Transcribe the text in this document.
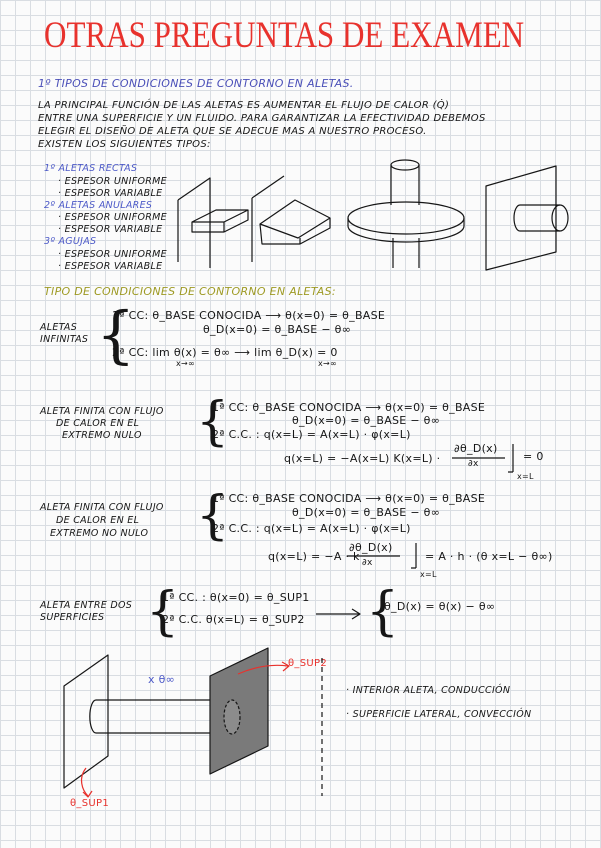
OTRAS PREGUNTAS DE EXAMEN
1º TIPOS DE CONDICIONES DE CONTORNO EN ALETAS.
LA PRINCIPAL FUNCIÓN DE LAS ALETAS ES AUMENTAR EL FLUJO DE CALOR (Q̇)
ENTRE UNA SUPERFICIE Y UN FLUIDO. PARA GARANTIZAR LA EFECTIVIDAD DEBEMOS
ELEGIR EL DISEÑO DE ALETA QUE SE ADECUE MAS A NUESTRO PROCESO.
EXISTEN LOS SIGUIENTES TIPOS:
1º ALETAS RECTAS
· ESPESOR UNIFORME
· ESPESOR VARIABLE
2º ALETAS ANULARES
· ESPESOR UNIFORME
· ESPESOR VARIABLE
3º AGUJAS
· ESPESOR UNIFORME
· ESPESOR VARIABLE
TIPO DE CONDICIONES DE CONTORNO EN ALETAS:
ALETAS
INFINITAS {
1ª CC: θ_BASE CONOCIDA ⟶ θ(x=0) = θ_BASE
θ_D(x=0) = θ_BASE − θ∞
2ª CC: lim θ(x) = θ∞ ⟶ lim θ_D(x) = 0
x→∞	x→∞
ALETA FINITA CON FLUJO
DE CALOR EN EL
EXTREMO NULO {
1ª CC: θ_BASE CONOCIDA ⟶ θ(x=0) = θ_BASE
θ_D(x=0) = θ_BASE − θ∞
2ª C.C. : q(x=L) = A(x=L) · φ(x=L)
q(x=L) = −A(x=L) K(x=L) ·
∂θ_D(x)
∂x
= 0
x=L
ALETA FINITA CON FLUJO
DE CALOR EN EL
EXTREMO NO NULO {
1ª CC: θ_BASE CONOCIDA ⟶ θ(x=0) = θ_BASE
θ_D(x=0) = θ_BASE − θ∞
2ª C.C. : q(x=L) = A(x=L) · φ(x=L)
q(x=L) = −A · k
∂θ_D(x)
∂x	= A · h · (θ x=L − θ∞)
x=L
ALETA ENTRE DOS
SUPERFICIES {
1ª CC. : θ(x=0) = θ_SUP1
2ª C.C. θ(x=L) = θ_SUP2 {
θ_D(x) = θ(x) − θ∞
x θ∞
θ_SUP2
θ_SUP1
· INTERIOR ALETA, CONDUCCIÓN
· SUPERFICIE LATERAL, CONVECCIÓN
